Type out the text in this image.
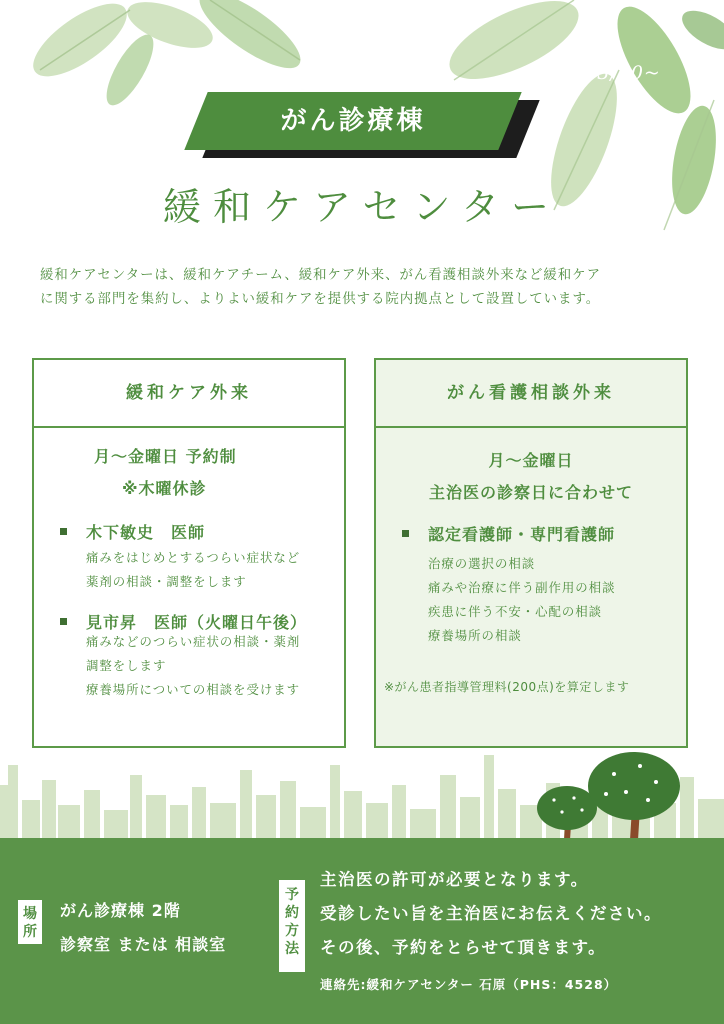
2023/10~
がん診療棟
緩和ケアセンター
緩和ケアセンターは、緩和ケアチーム、緩和ケア外来、がん看護相談外来など緩和ケア
に関する部門を集約し、よりよい緩和ケアを提供する院内拠点として設置しています。
緩和ケア外来
月～金曜日 予約制
※木曜休診
木下敏史　医師
痛みをはじめとするつらい症状など
薬剤の相談・調整をします
見市昇　医師（火曜日午後）
痛みなどのつらい症状の相談・薬剤
調整をします
療養場所についての相談を受けます
がん看護相談外来
月～金曜日
主治医の診察日に合わせて
認定看護師・専門看護師
治療の選択の相談
痛みや治療に伴う副作用の相談
疾患に伴う不安・心配の相談
療養場所の相談
※がん患者指導管理料(200点)を算定します
場所
がん診療棟 2階
診察室 または 相談室
予約方法
主治医の許可が必要となります。
受診したい旨を主治医にお伝えください。
その後、予約をとらせて頂きます。
連絡先:緩和ケアセンター 石原（PHS：4528）
